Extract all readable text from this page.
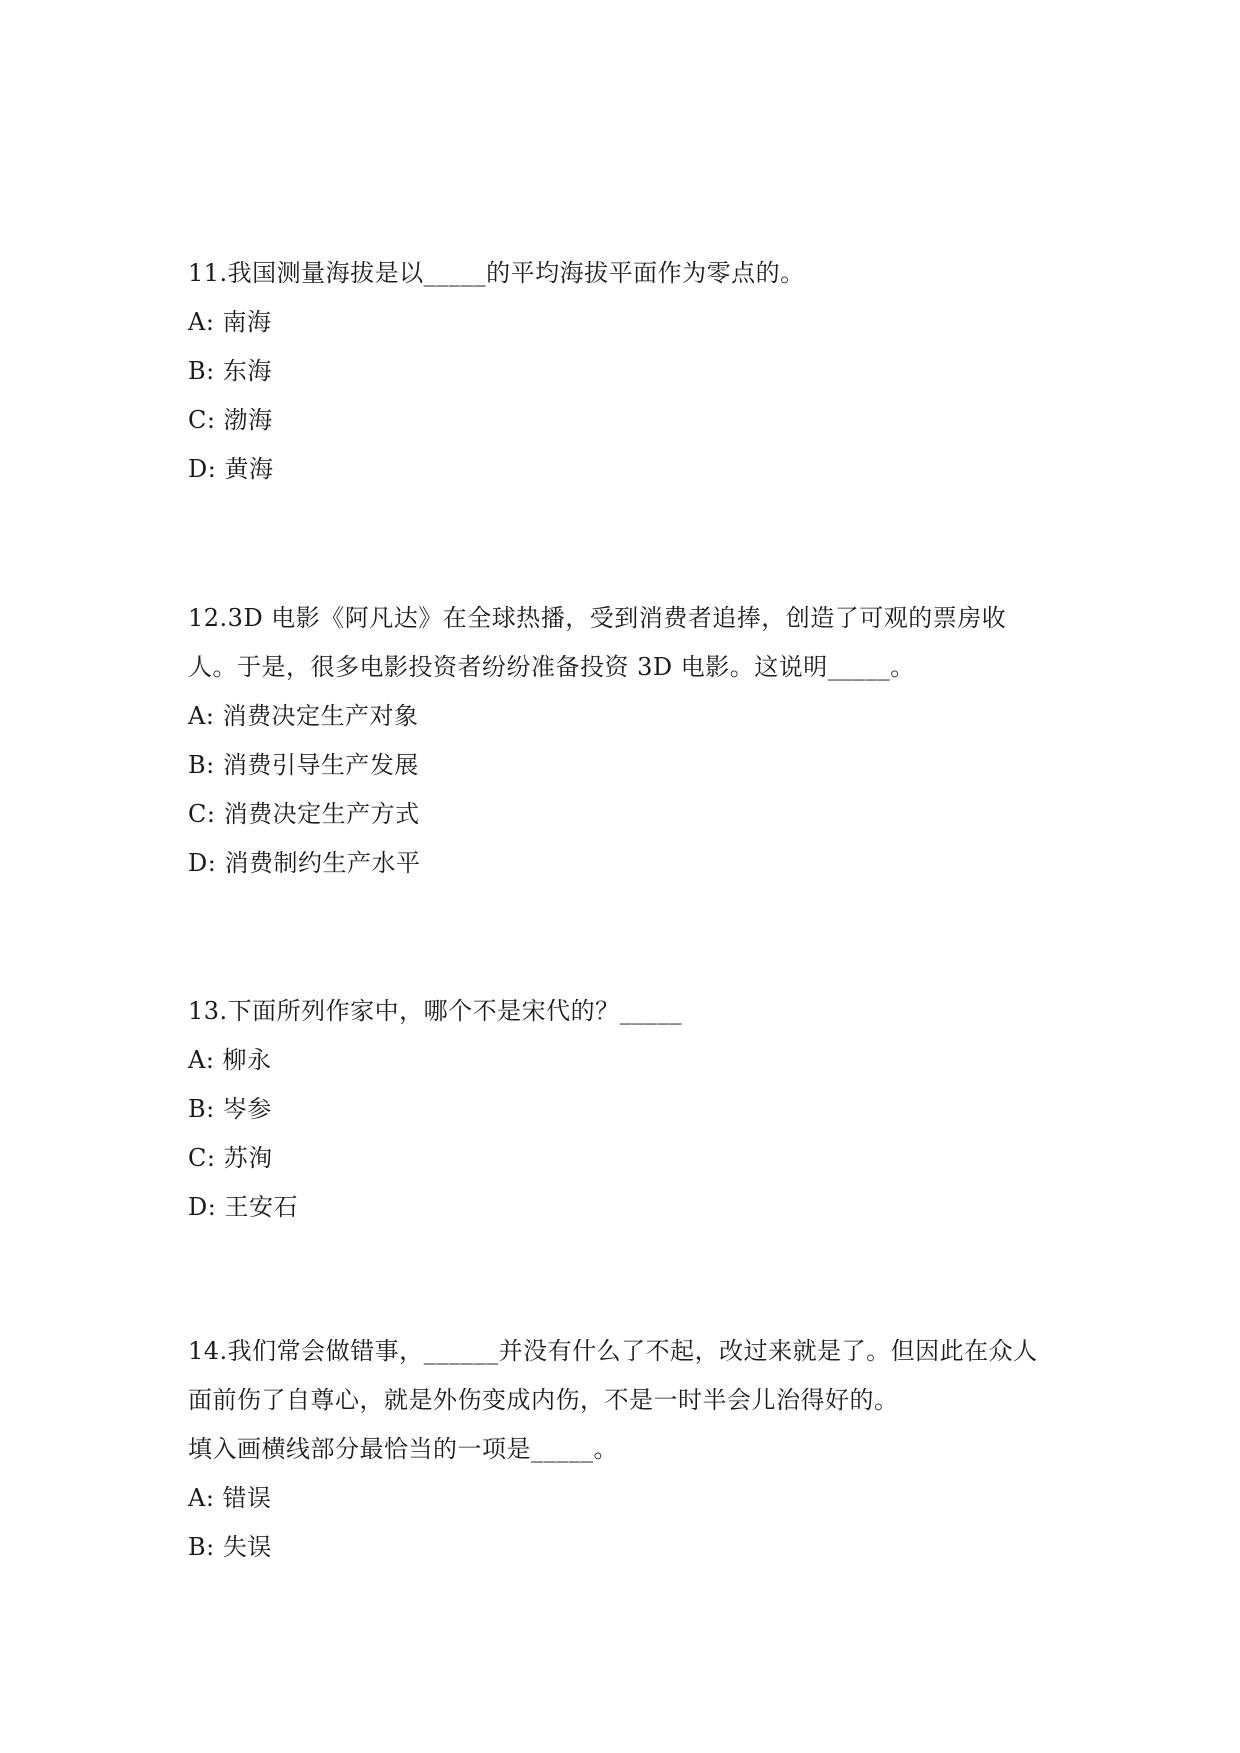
11.我国测量海拔是以_____的平均海拔平面作为零点的。
A: 南海
B: 东海
C: 渤海
D: 黄海
12.3D 电影《阿凡达》在全球热播，受到消费者追捧，创造了可观的票房收
人。于是，很多电影投资者纷纷准备投资 3D 电影。这说明_____。
A: 消费决定生产对象
B: 消费引导生产发展
C: 消费决定生产方式
D: 消费制约生产水平
13.下面所列作家中，哪个不是宋代的？_____
A: 柳永
B: 岑参
C: 苏洵
D: 王安石
14.我们常会做错事，______并没有什么了不起，改过来就是了。但因此在众人
面前伤了自尊心，就是外伤变成内伤，不是一时半会儿治得好的。
填入画横线部分最恰当的一项是_____。
A: 错误
B: 失误
